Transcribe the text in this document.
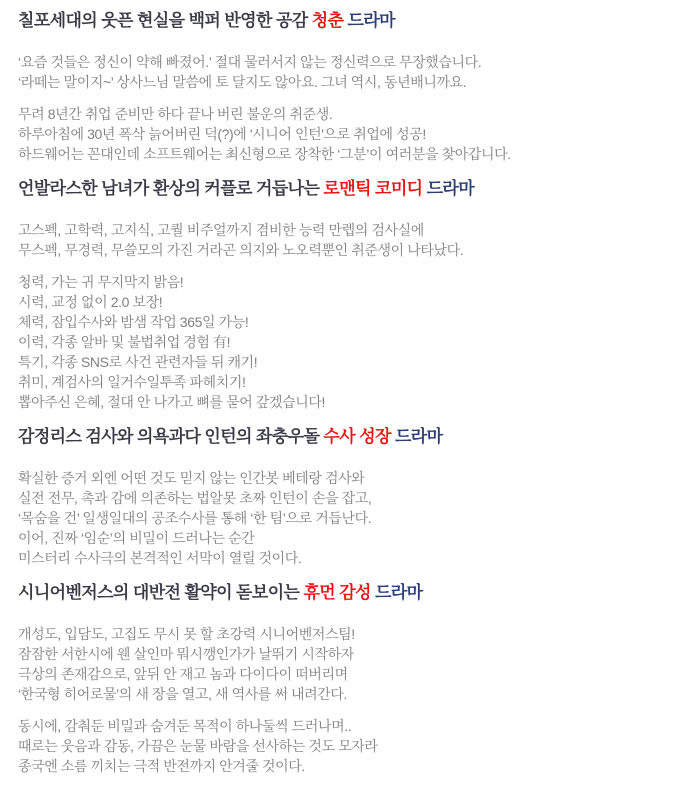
칠포세대의 웃픈 현실을 백퍼 반영한 공감 청춘 드라마

‘요즘 것들은 정신이 약해 빠졌어.’ 절대 물러서지 않는 정신력으로 무장했습니다.
‘라떼는 말이지~’ 상사느님 말씀에 토 달지도 않아요. 그녀 역시, 동년배니까요.

무려 8년간 취업 준비만 하다 끝나 버린 불운의 취준생.
하루아침에 30년 폭삭 늙어버린 덕(?)에 '시니어 인턴'으로 취업에 성공!
하드웨어는 꼰대인데 소프트웨어는 최신형으로 장착한 ‘그분’이 여러분을 찾아갑니다.

언발라스한 남녀가 환상의 커플로 거듭나는 로맨틱 코미디 드라마

고스펙, 고학력, 고지식, 고퀄 비주얼까지 겸비한 능력 만렙의 검사실에
무스펙, 무경력, 무쓸모의 가진 거라곤 의지와 노오력뿐인 취준생이 나타났다.

청력, 가는 귀 무지막지 밝음!
시력, 교정 없이 2.0 보장!
체력, 잠입수사와 밤샘 작업 365일 가능!
이력, 각종 알바 및 불법취업 경험 有!
특기, 각종 SNS로 사건 관련자들 뒤 캐기!
취미, 계검사의 일거수일투족 파헤치기!
뽑아주신 은혜, 절대 안 나가고 뼈를 묻어 갚겠습니다!

감정리스 검사와 의욕과다 인턴의 좌충우돌 수사 성장 드라마

확실한 증거 외엔 어떤 것도 믿지 않는 인간봇 베테랑 검사와
실전 전무, 촉과 감에 의존하는 법알못 초짜 인턴이 손을 잡고,
‘목숨을 건’ 일생일대의 공조수사를 통해 ‘한 팀’으로 거듭난다.
이어, 진짜 ‘임순’의 비밀이 드러나는 순간
미스터리 수사극의 본격적인 서막이 열릴 것이다.

시니어벤저스의 대반전 활약이 돋보이는 휴먼 감성 드라마

개성도, 입담도, 고집도 무시 못 할 초강력 시니어벤저스팀!
잠잠한 서한시에 웬 살인마 뭐시깽인가가 날뛰기 시작하자
극상의 존재감으로, 앞뒤 안 재고 놈과 다이다이 떠버리며
‘한국형 히어로물’의 새 장을 열고, 새 역사를 써 내려간다.

동시에, 감춰둔 비밀과 숨겨둔 목적이 하나둘씩 드러나며..
때로는 웃음과 감동, 가끔은 눈물 바람을 선사하는 것도 모자라
종국엔 소름 끼치는 극적 반전까지 안겨줄 것이다.
